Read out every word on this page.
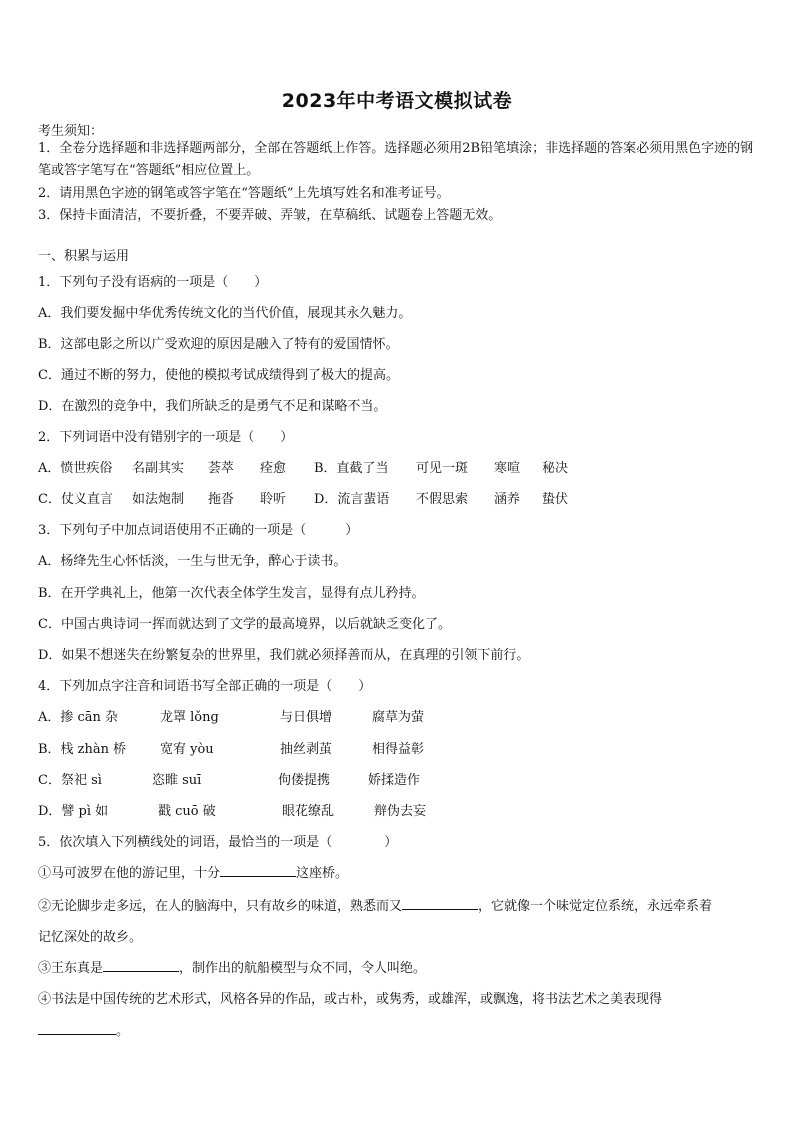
2023年中考语文模拟试卷
考生须知：
1．全卷分选择题和非选择题两部分，全部在答题纸上作答。选择题必须用2B铅笔填涂；非选择题的答案必须用黑色字迹的钢笔或答字笔写在“答题纸”相应位置上。
2．请用黑色字迹的钢笔或答字笔在“答题纸”上先填写姓名和准考证号。
3．保持卡面清洁，不要折叠，不要弄破、弄皱，在草稿纸、试题卷上答题无效。
一、积累与运用
1．下列句子没有语病的一项是（　　）
A．我们要发掘中华优秀传统文化的当代价值，展现其永久魅力。
B．这部电影之所以广受欢迎的原因是融入了特有的爱国情怀。
C．通过不断的努力，使他的模拟考试成绩得到了极大的提高。
D．在激烈的竞争中，我们所缺乏的是勇气不足和谋略不当。
2．下列词语中没有错别字的一项是（　　）
A．愤世疾俗	名副其实	荟萃	痊愈	B．直截了当	可见一斑	寒喧	秘决
C．仗义直言	如法炮制	拖沓	聆听	D．流言蜚语	不假思索	涵养	蛰伏
3．下列句子中加点词语使用不正确的一项是（　　　）
A．杨绛先生心怀恬淡，一生与世无争，醉心于读书。
B．在开学典礼上，他第一次代表全体学生发言，显得有点儿矜持。
C．中国古典诗词一挥而就达到了文学的最高境界，以后就缺乏变化了。
D．如果不想迷失在纷繁复杂的世界里，我们就必须择善而从，在真理的引领下前行。
4．下列加点字注音和词语书写全部正确的一项是（　　）
A．掺 cān 杂	龙罩 lǒng	与日俱增	腐草为萤
B．栈 zhàn 桥	宽宥 yòu	抽丝剥茧	相得益彰
C．祭祀 sì	恣睢 suī	佝偻提携	娇揉造作
D．譬 pì 如	戳 cuō 破	眼花缭乱	辩伪去妄
5．依次填入下列横线处的词语，最恰当的一项是（　　　　）
①马可波罗在他的游记里，十分	这座桥。
②无论脚步走多远，在人的脑海中，只有故乡的味道，熟悉而又	，它就像一个味觉定位系统，永远牵系着
记忆深处的故乡。
③王东真是	，制作出的航船模型与众不同，令人叫绝。
④书法是中国传统的艺术形式，风格各异的作品，或古朴，或隽秀，或雄浑，或飘逸，将书法艺术之美表现得
。
